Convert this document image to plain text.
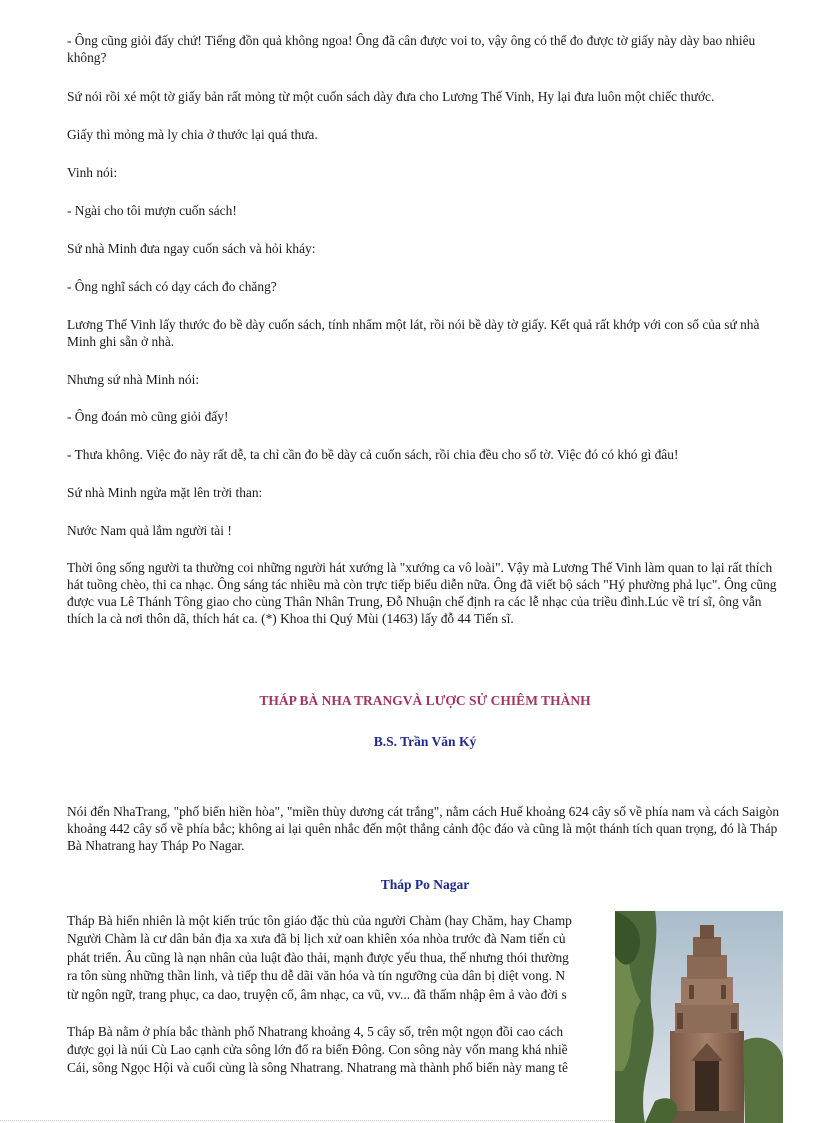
- Ông cũng giỏi đấy chứ! Tiếng đồn quả không ngoa! Ông đã cân được voi to, vậy ông có thể đo được tờ giấy này dày bao nhiêu không?

Sứ nói rồi xé một tờ giấy bản rất mỏng từ một cuốn sách dày đưa cho Lương Thế Vinh, Hy lại đưa luôn một chiếc thước.

Giấy thì mỏng mà ly chia ở thước lại quá thưa.

Vinh nói:

- Ngài cho tôi mượn cuốn sách!

Sứ nhà Minh đưa ngay cuốn sách và hỏi kháy:

- Ông nghĩ sách có dạy cách đo chăng?

Lương Thế Vinh lấy thước đo bề dày cuốn sách, tính nhẩm một lát, rồi nói bề dày tờ giấy. Kết quả rất khớp với con số của sứ nhà Minh ghi sẵn ở nhà.

Nhưng sứ nhà Minh nói:

- Ông đoán mò cũng giỏi đấy!

- Thưa không. Việc đo này rất dễ, ta chỉ cần đo bề dày cả cuốn sách, rồi chia đều cho số tờ. Việc đó có khó gì đâu!

Sứ nhà Minh ngửa mặt lên trời than:

Nước Nam quả lắm người tài !

Thời ông sống người ta thường coi những người hát xướng là "xướng ca vô loài". Vậy mà Lương Thế Vinh làm quan to lại rất thích hát tuồng chèo, thi ca nhạc. Ông sáng tác nhiều mà còn trực tiếp biểu diễn nữa. Ông đã viết bộ sách "Hý phường phả lục". Ông cũng được vua Lê Thánh Tông giao cho cùng Thân Nhân Trung, Đỗ Nhuận chế định ra các lễ nhạc của triều đình.Lúc về trí sĩ, ông vẫn thích la cà nơi thôn dã, thích hát ca. (*) Khoa thi Quý Mùi (1463) lấy đỗ 44 Tiến sĩ.

THÁP BÀ NHA TRANGVÀ LƯỢC SỬ CHIÊM THÀNH
B.S. Trần Văn Ký

Nói đến NhaTrang, "phố biển hiền hòa", "miền thùy dương cát trắng", nằm cách Huế khoảng 624 cây số về phía nam và cách Saigòn khoảng 442 cây số về phía bắc; không ai lại quên nhắc đến một thắng cảnh độc đáo và cũng là một thánh tích quan trọng, đó là Tháp Bà Nhatrang hay Tháp Po Nagar.

Tháp Po Nagar
Tháp Bà hiển nhiên là một kiến trúc tôn giáo đặc thù của người Chàm (hay Chăm, hay Champ
Người Chàm là cư dân bản địa xa xưa đã bị lịch xử oan khiên xóa nhòa trước đà Nam tiến củ
phát triển. Âu cũng là nạn nhân của luật đào thải, mạnh được yếu thua, thế nhưng thói thường
ra tôn sùng những thần linh, và tiếp thu dễ dãi văn hóa và tín ngưỡng của dân bị diệt vong. N
từ ngôn ngữ, trang phục, ca dao, truyện cổ, âm nhạc, ca vũ, vv... đã thấm nhập êm ả vào đời s
Tháp Bà nằm ở phía bắc thành phố Nhatrang khoảng 4, 5 cây số, trên một ngọn đồi cao cách
được gọi là núi Cù Lao cạnh cửa sông lớn đổ ra biển Đông. Con sông này vốn mang khá nhiề
Cái, sông Ngọc Hội và cuối cùng là sông Nhatrang. Nhatrang mà thành phố biển này mang tê
